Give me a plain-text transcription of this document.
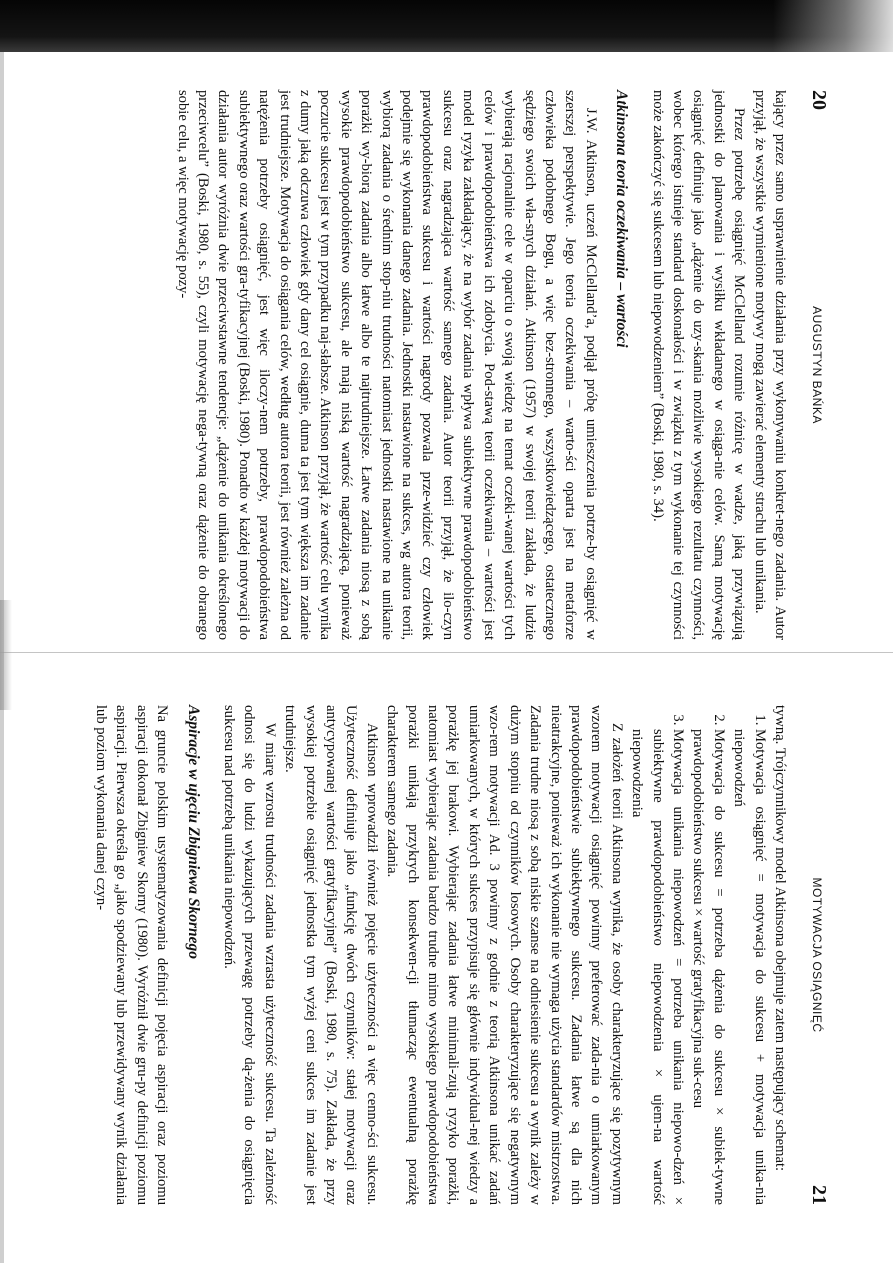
20
AUGUSTYN BAŃKA

kający przez samo usprawnienie działania przy wykonywaniu konkret-nego zadania. Autor przyjął, że wszystkie wymienione motywy mogą zawierać elementy strachu lub unikania.

Przez potrzebę osiągnięć McClelland rozumie różnicę w wadze, jaką przywiązują jednostki do planowania i wysiłku wkładanego w osiąga-nie celów. Samą motywację osiągnięć definiuje jako „dążenie do uzy-skania możliwie wysokiego rezultatu czynności, wobec którego istnieje standard doskonałości i w związku z tym wykonanie tej czynności może zakończyć się sukcesem lub niepowodzeniem” (Boski, 1980, s. 34).

Atkinsona teoria oczekiwania – wartości

J.W. Atkinson, uczeń McClelland’a, podjął próbę umieszczenia potrze-by osiągnięć w szerszej perspektywie. Jego teoria oczekiwania – warto-ści oparta jest na metaforze człowieka podobnego Bogu, a więc bez-stronnego, wszystkowiedzącego, ostatecznego sędziego swoich wła-snych działań. Atkinson (1957) w swojej teorii zakłada, że ludzie wybierają racjonalnie cele w oparciu o swoją wiedzę na temat oczeki-wanej wartości tych celów i prawdopodobieństwa ich zdobycia. Pod-stawą teorii oczekiwania – wartości jest model ryzyka zakładający, że na wybór zadania wpływa subiektywne prawdopodobieństwo sukcesu oraz nagradzająca wartość samego zadania. Autor teorii przyjął, że ilo-czyn prawdopodobieństwa sukcesu i wartości nagrody pozwala prze-widzieć czy człowiek podejmie się wykonania danego zadania. Jednostki nastawione na sukces, wg autora teorii, wybiorą zadania o średnim stop-niu trudności natomiast jednostki nastawione na unikanie porażki wy-biorą zadania albo łatwe albo te najtrudniejsze. Łatwe zadania niosą z sobą wysokie prawdopodobieństwo sukcesu, ale mają niską wartość nagradzającą, ponieważ poczucie sukcesu jest w tym przypadku naj-słabsze. Atkinson przyjął, że wartość celu wynika z dumy jaką odczuwa człowiek gdy dany cel osiągnie, duma ta jest tym większa im zadanie jest trudniejsze. Motywacja do osiągania celów, według autora teorii, jest również zależna od natężenia potrzeby osiągnięć, jest więc iloczy-nem potrzeby, prawdopodobieństwa subiektywnego oraz wartości gra-tyfikacyjnej (Boski, 1980). Ponadto w każdej motywacji do działania autor wyróżnia dwie przeciwstawne tendencje: „dążenie do unikania określonego przeciwcelu” (Boski, 1980, s. 55), czyli motywację nega-tywną oraz dążenie do obranego sobie celu, a więc motywację pozy-

MOTYWACJA OSIĄGNIĘĆ
21

tywną. Trójczynnikowy model Atkinsona obejmuje zatem następujący schemat:

1. Motywacja osiągnięć = motywacja do sukcesu + motywacja unika-nia niepowodzeń
2. Motywacja do sukcesu = potrzeba dążenia do sukcesu × subiek-tywne prawdopodobieństwo sukcesu × wartość gratyfikacyjna suk-cesu
3. Motywacja unikania niepowodzeń = potrzeba unikania niepowo-dzeń × subiektywne prawdopodobieństwo niepowodzenia × ujem-na wartość niepowodzenia

Z założeń teorii Atkinsona wynika, że osoby charakteryzujące się pozytywnym wzorem motywacji osiągnięć powinny preferować zada-nia o umiarkowanym prawdopodobieństwie subiektywnego sukcesu. Zadania łatwe są dla nich nieatrakcyjne, ponieważ ich wykonanie nie wymaga użycia standardów mistrzostwa. Zadania trudne niosą z sobą niskie szanse na odniesienie sukcesu a wynik zależy w dużym stopniu od czynników losowych. Osoby charakteryzujące się negatywnym wzo-rem motywacji Ad. 3 powinny z godnie z teorią Atkinsona unikać zadań umiarkowanych, w których sukces przypisuje się głównie indywidual-nej wiedzy a porażkę jej brakowi. Wybierając zadania łatwe minimali-zują ryzyko porażki, natomiast wybierając zadania bardzo trudne mimo wysokiego prawdopodobieństwa porażki unikają przykrych konsekwen-cji tłumacząc ewentualną porażkę charakterem samego zadania.

Atkinson wprowadził również pojęcie użyteczności a więc cenno-ści sukcesu. Użyteczność definiuje jako „funkcję dwóch czynników: stałej motywacji oraz antycypowanej wartości gratyfikacyjnej” (Boski, 1980, s. 75). Zakłada, że przy wysokiej potrzebie osiągnięć jednostka tym wyżej ceni sukces im zadanie jest trudniejsze.

W miarę wzrostu trudności zadania wzrasta użyteczność sukcesu. Ta zależność odnosi się do ludzi wykazujących przewagę potrzeby dą-żenia do osiągnięcia sukcesu nad potrzebą unikania niepowodzeń.

Aspiracje w ujęciu Zbigniewa Skornego

Na gruncie polskim usystematyzowania definicji pojęcia aspiracji oraz poziomu aspiracji dokonał Zbigniew Skorny (1980). Wyróżnił dwie gru-py definicji poziomu aspiracji. Pierwsza określa go „jako spodziewany lub przewidywany wynik działania lub poziom wykonania danej czyn-
